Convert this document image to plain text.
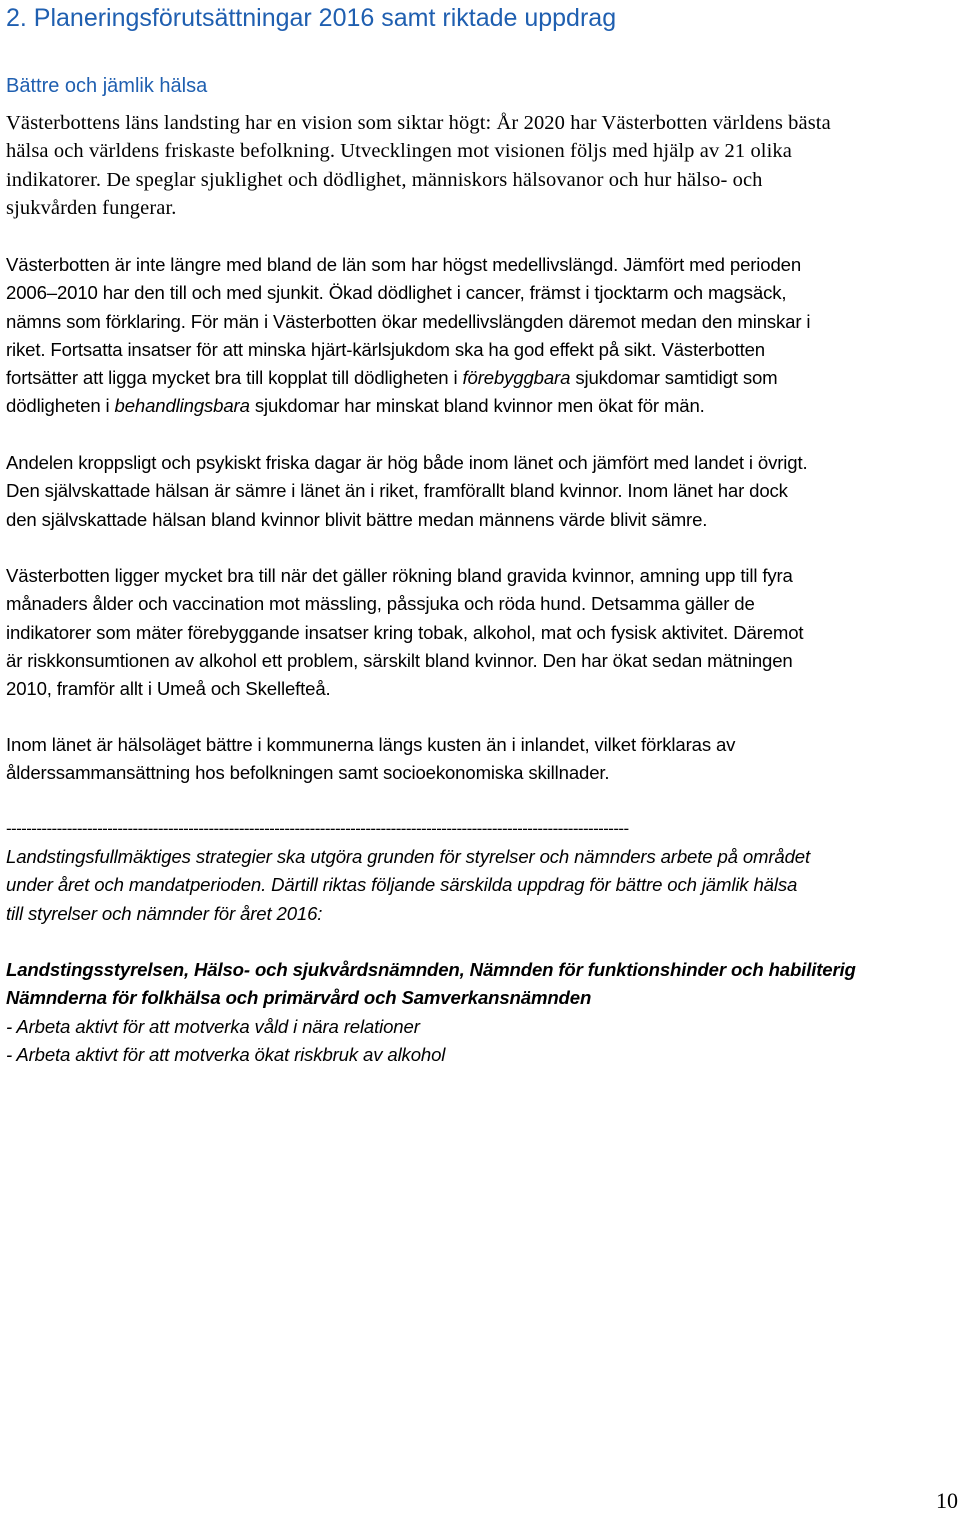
2. Planeringsförutsättningar 2016 samt riktade uppdrag
Bättre och jämlik hälsa
Västerbottens läns landsting har en vision som siktar högt: År 2020 har Västerbotten världens bästa
hälsa och världens friskaste befolkning. Utvecklingen mot visionen följs med hjälp av 21 olika
indikatorer. De speglar sjuklighet och dödlighet, människors hälsovanor och hur hälso- och
sjukvården fungerar.
Västerbotten är inte längre med bland de län som har högst medellivslängd. Jämfört med perioden
2006–2010 har den till och med sjunkit. Ökad dödlighet i cancer, främst i tjocktarm och magsäck,
nämns som förklaring. För män i Västerbotten ökar medellivslängden däremot medan den minskar i
riket. Fortsatta insatser för att minska hjärt-kärlsjukdom ska ha god effekt på sikt. Västerbotten
fortsätter att ligga mycket bra till kopplat till dödligheten i förebyggbara sjukdomar samtidigt som
dödligheten i behandlingsbara sjukdomar har minskat bland kvinnor men ökat för män.
Andelen kroppsligt och psykiskt friska dagar är hög både inom länet och jämfört med landet i övrigt.
Den självskattade hälsan är sämre i länet än i riket, framförallt bland kvinnor. Inom länet har dock
den självskattade hälsan bland kvinnor blivit bättre medan männens värde blivit sämre.
Västerbotten ligger mycket bra till när det gäller rökning bland gravida kvinnor, amning upp till fyra
månaders ålder och vaccination mot mässling, påssjuka och röda hund. Detsamma gäller de
indikatorer som mäter förebyggande insatser kring tobak, alkohol, mat och fysisk aktivitet. Däremot
är riskkonsumtionen av alkohol ett problem, särskilt bland kvinnor. Den har ökat sedan mätningen
2010, framför allt i Umeå och Skellefteå.
Inom länet är hälsoläget bättre i kommunerna längs kusten än i inlandet, vilket förklaras av
ålderssammansättning hos befolkningen samt socioekonomiska skillnader.
---------------------------------------------------------------------------------------------------------------------------
Landstingsfullmäktiges strategier ska utgöra grunden för styrelser och nämnders arbete på området
under året och mandatperioden. Därtill riktas följande särskilda uppdrag för bättre och jämlik hälsa
till styrelser och nämnder för året 2016:
Landstingsstyrelsen, Hälso- och sjukvårdsnämnden, Nämnden för funktionshinder och habiliterig
Nämnderna för folkhälsa och primärvård och Samverkansnämnden
- Arbeta aktivt för att motverka våld i nära relationer
- Arbeta aktivt för att motverka ökat riskbruk av alkohol
10
